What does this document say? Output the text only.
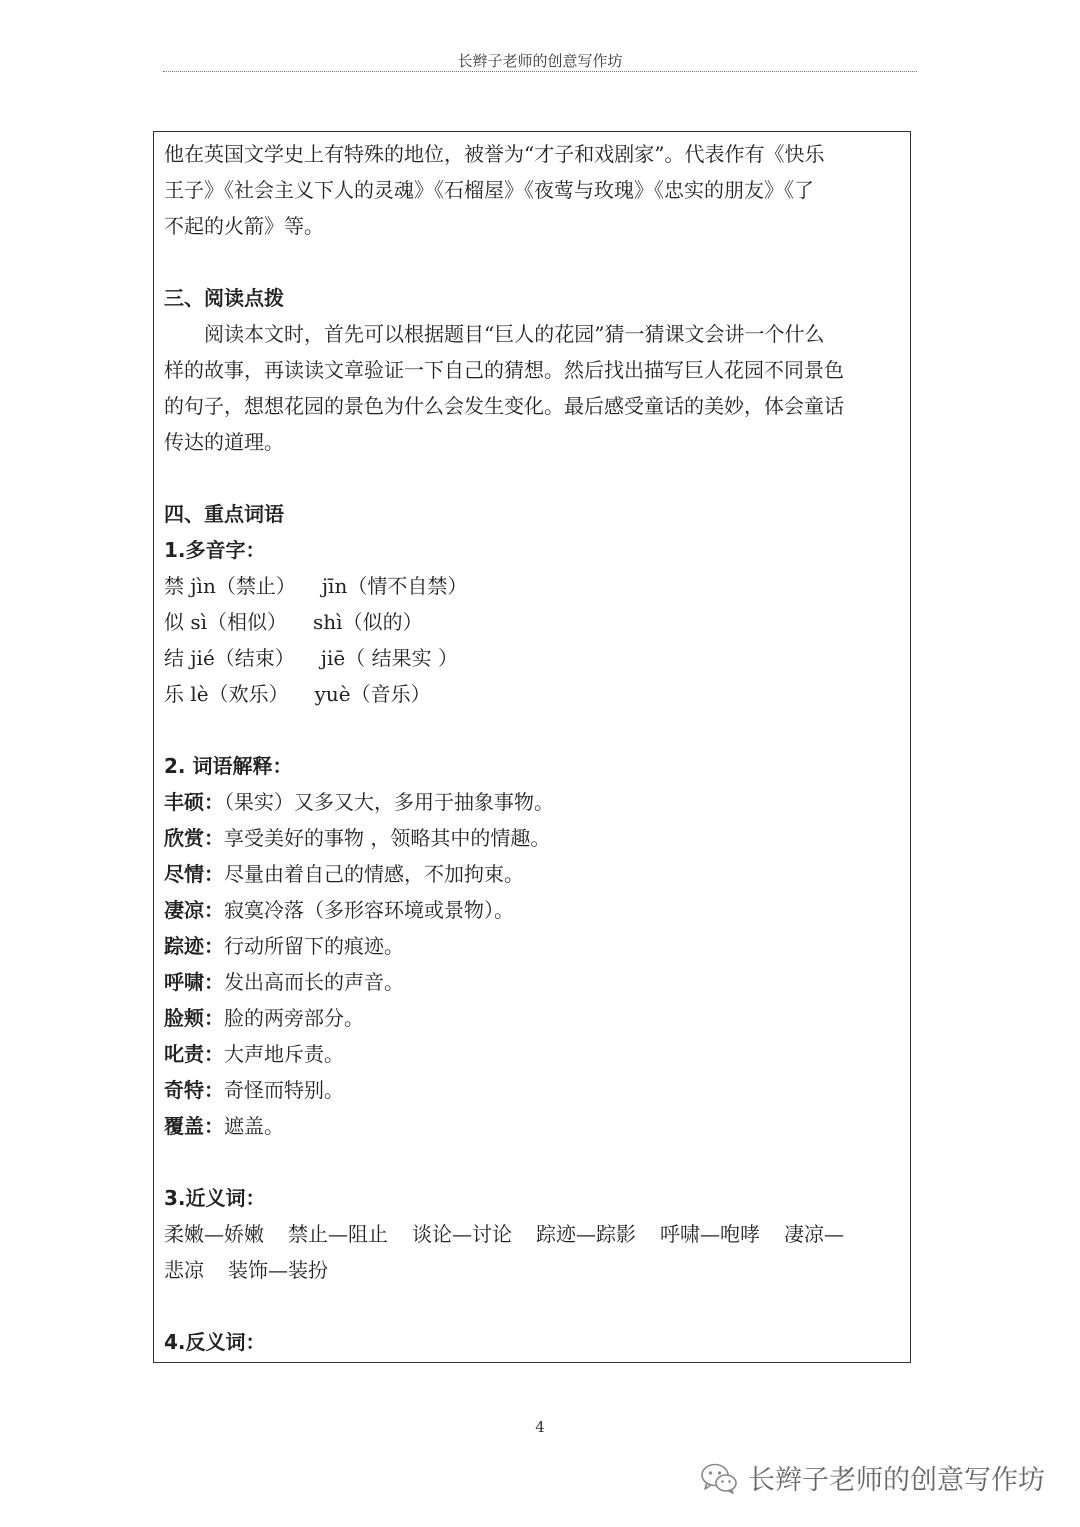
长辫子老师的创意写作坊

他在英国文学史上有特殊的地位，被誉为“才子和戏剧家”。代表作有《快乐

王子》《社会主义下人的灵魂》《石榴屋》《夜莺与玫瑰》《忠实的朋友》《了

不起的火箭》等。

三、阅读点拨

阅读本文时，首先可以根据题目“巨人的花园”猜一猜课文会讲一个什么

样的故事，再读读文章验证一下自己的猜想。然后找出描写巨人花园不同景色

的句子，想想花园的景色为什么会发生变化。最后感受童话的美妙，体会童话

传达的道理。

四、重点词语

1.多音字：

禁 jìn（禁止） jīn（情不自禁）

似 sì（相似） shì（似的）

结 jié（结束） jiē（ 结果实 ）

乐 lè（欢乐） yuè（音乐）

2. 词语解释：

丰硕：（果实）又多又大，多用于抽象事物。

欣赏：享受美好的事物 ，领略其中的情趣。

尽情：尽量由着自己的情感，不加拘束。

凄凉：寂寞冷落（多形容环境或景物）。

踪迹：行动所留下的痕迹。

呼啸：发出高而长的声音。

脸颊：脸的两旁部分。

叱责：大声地斥责。

奇特：奇怪而特别。

覆盖：遮盖。

3.近义词：

柔嫩—娇嫩 禁止—阻止 谈论—讨论 踪迹—踪影 呼啸—咆哮 凄凉—

悲凉 装饰—装扮

4.反义词：

4
长辫子老师的创意写作坊
